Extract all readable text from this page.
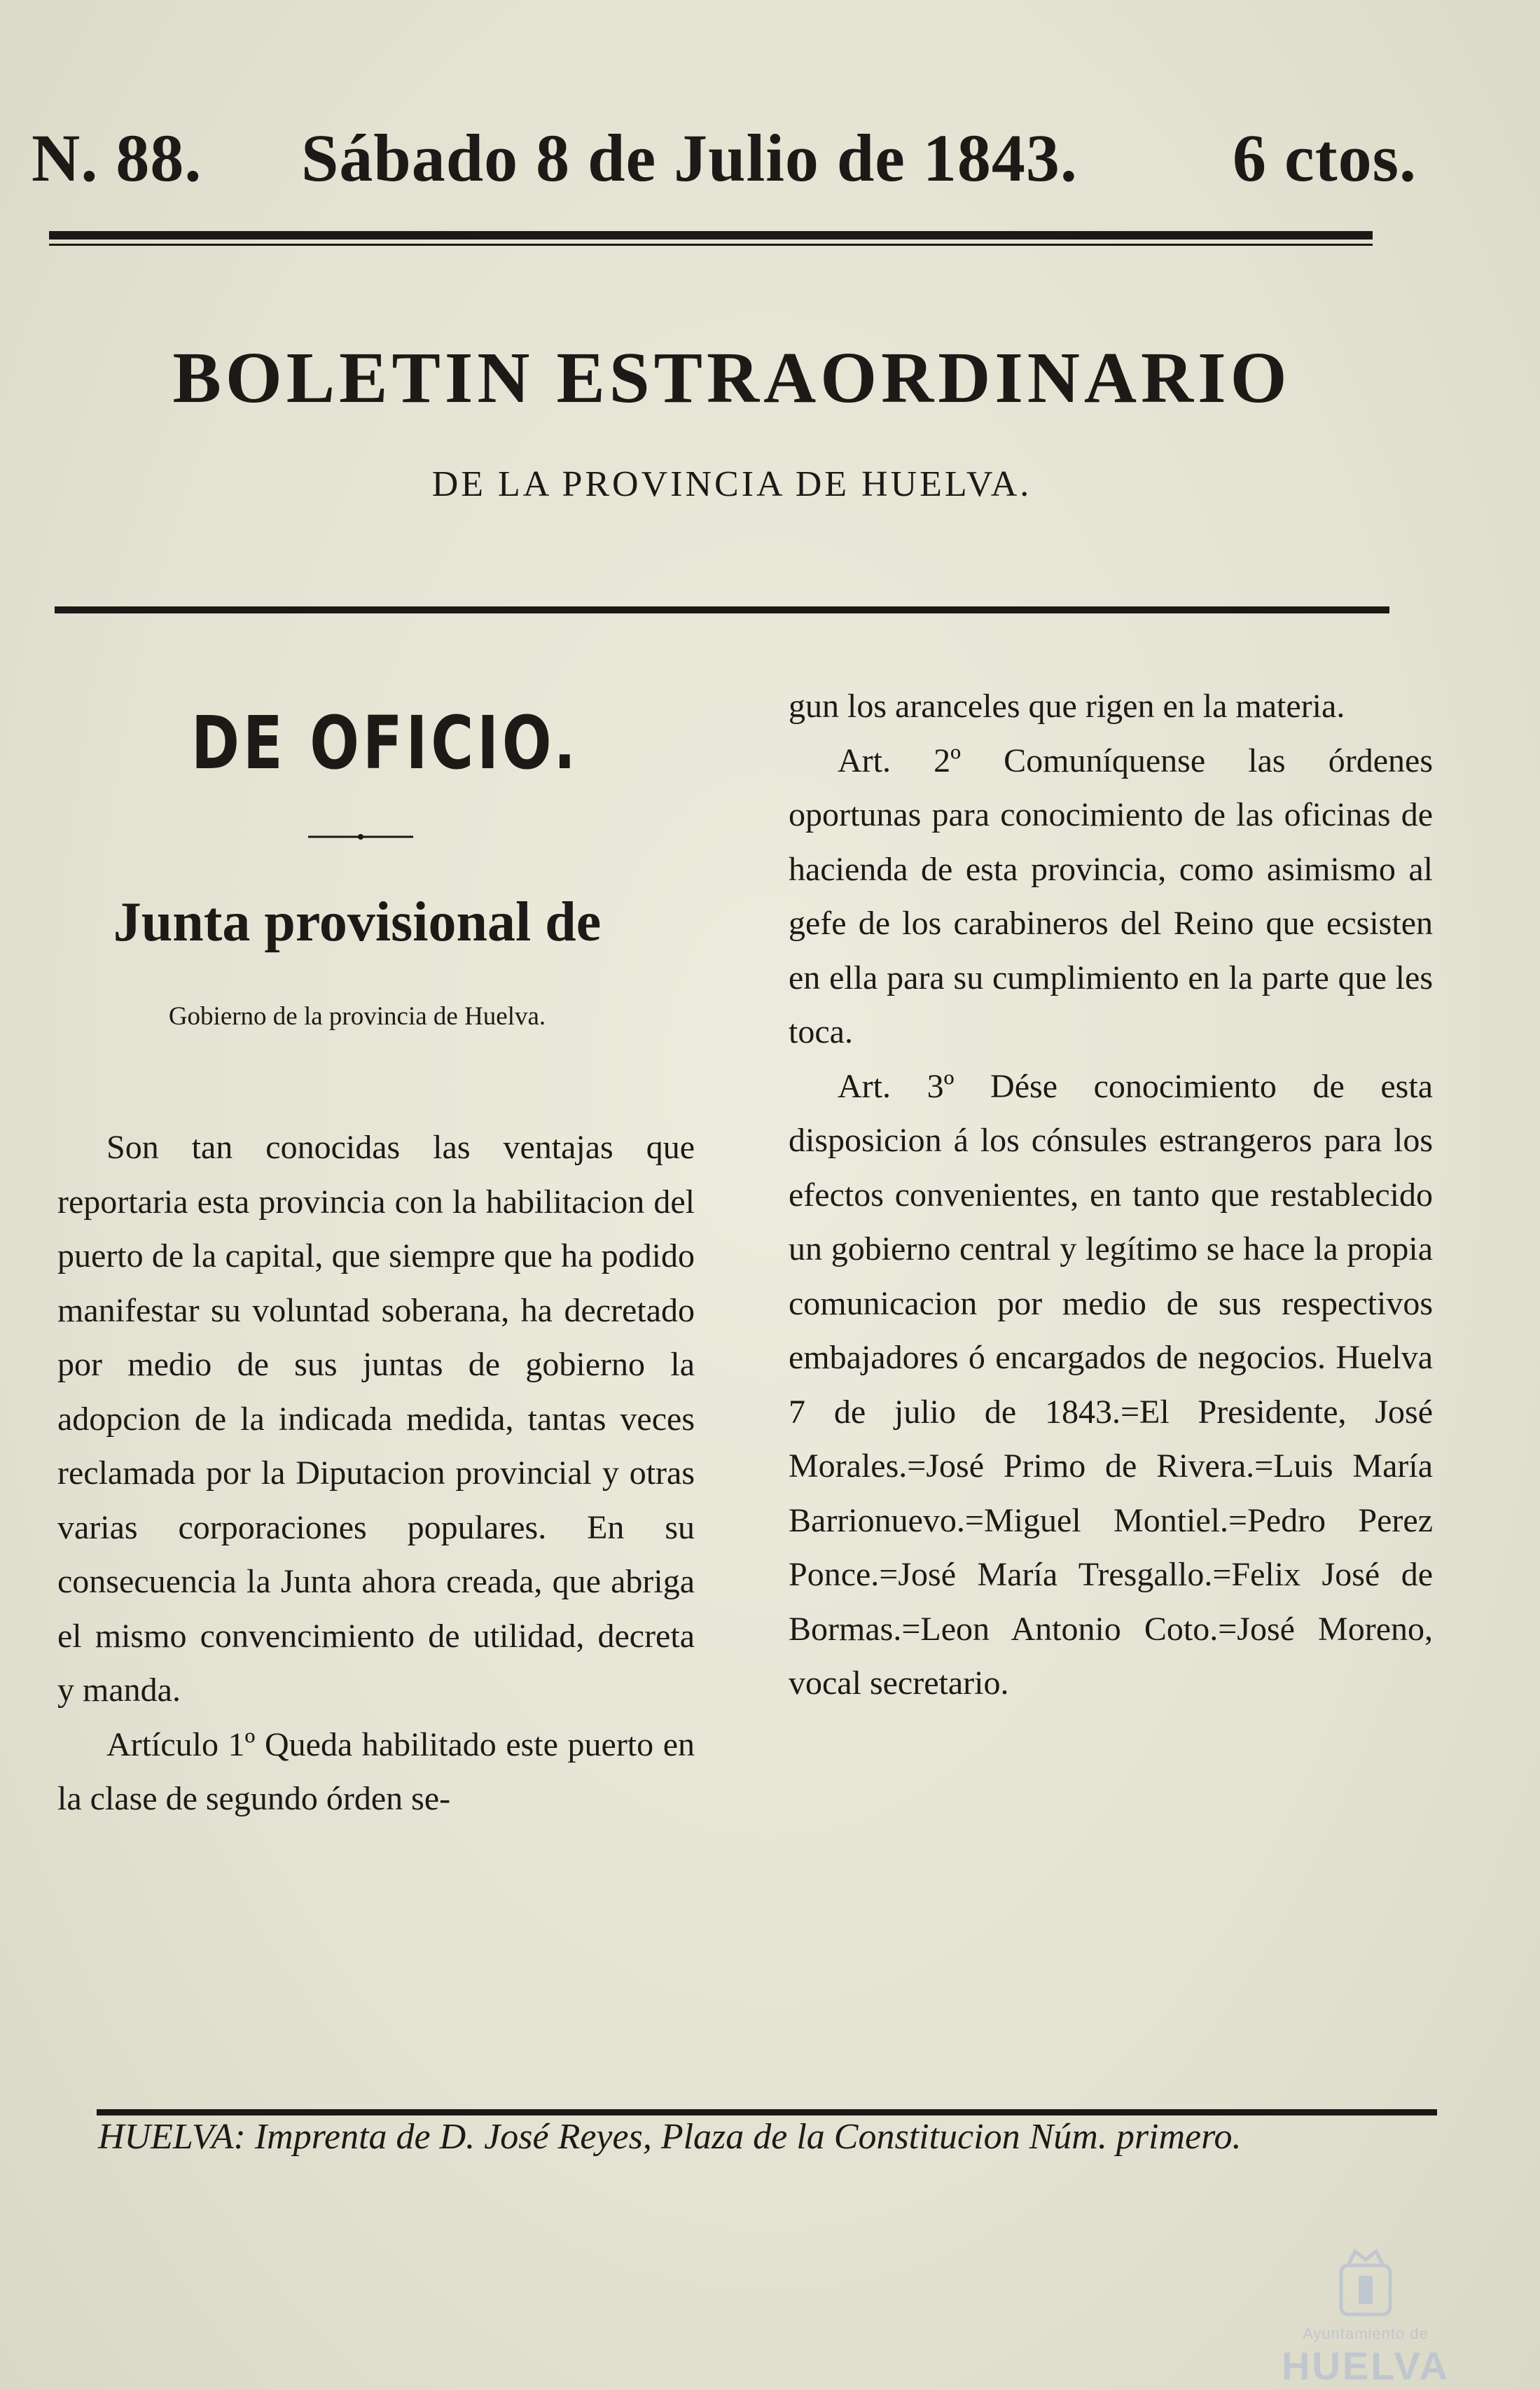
N. 88. Sábado 8 de Julio de 1843. 6 ctos.
BOLETIN ESTRAORDINARIO
DE LA PROVINCIA DE HUELVA.
DE OFICIO.
Junta provisional de
Gobierno de la provincia de Huelva.

Son tan conocidas las ventajas que reportaria esta provincia con la habilitacion del puerto de la capital, que siempre que ha podido manifestar su voluntad soberana, ha decretado por medio de sus juntas de gobierno la adopcion de la indicada medida, tantas veces reclamada por la Diputacion provincial y otras varias corporaciones populares. En su consecuencia la Junta ahora creada, que abriga el mismo convencimiento de utilidad, decreta y manda.

Artículo 1º Queda habilitado este puerto en la clase de segundo órden se-

gun los aranceles que rigen en la materia.

Art. 2º Comuníquense las órdenes oportunas para conocimiento de las oficinas de hacienda de esta provincia, como asimismo al gefe de los carabineros del Reino que ecsisten en ella para su cumplimiento en la parte que les toca.

Art. 3º Dése conocimiento de esta disposicion á los cónsules estrangeros para los efectos convenientes, en tanto que restablecido un gobierno central y legítimo se hace la propia comunicacion por medio de sus respectivos embajadores ó encargados de negocios. Huelva 7 de julio de 1843.=El Presidente, José Morales.=José Primo de Rivera.=Luis María Barrionuevo.=Miguel Montiel.=Pedro Perez Ponce.=José María Tresgallo.=Felix José de Bormas.=Leon Antonio Coto.=José Moreno, vocal secretario.

HUELVA: Imprenta de D. José Reyes, Plaza de la Constitucion Núm. primero.
Ayuntamiento de
HUELVA
